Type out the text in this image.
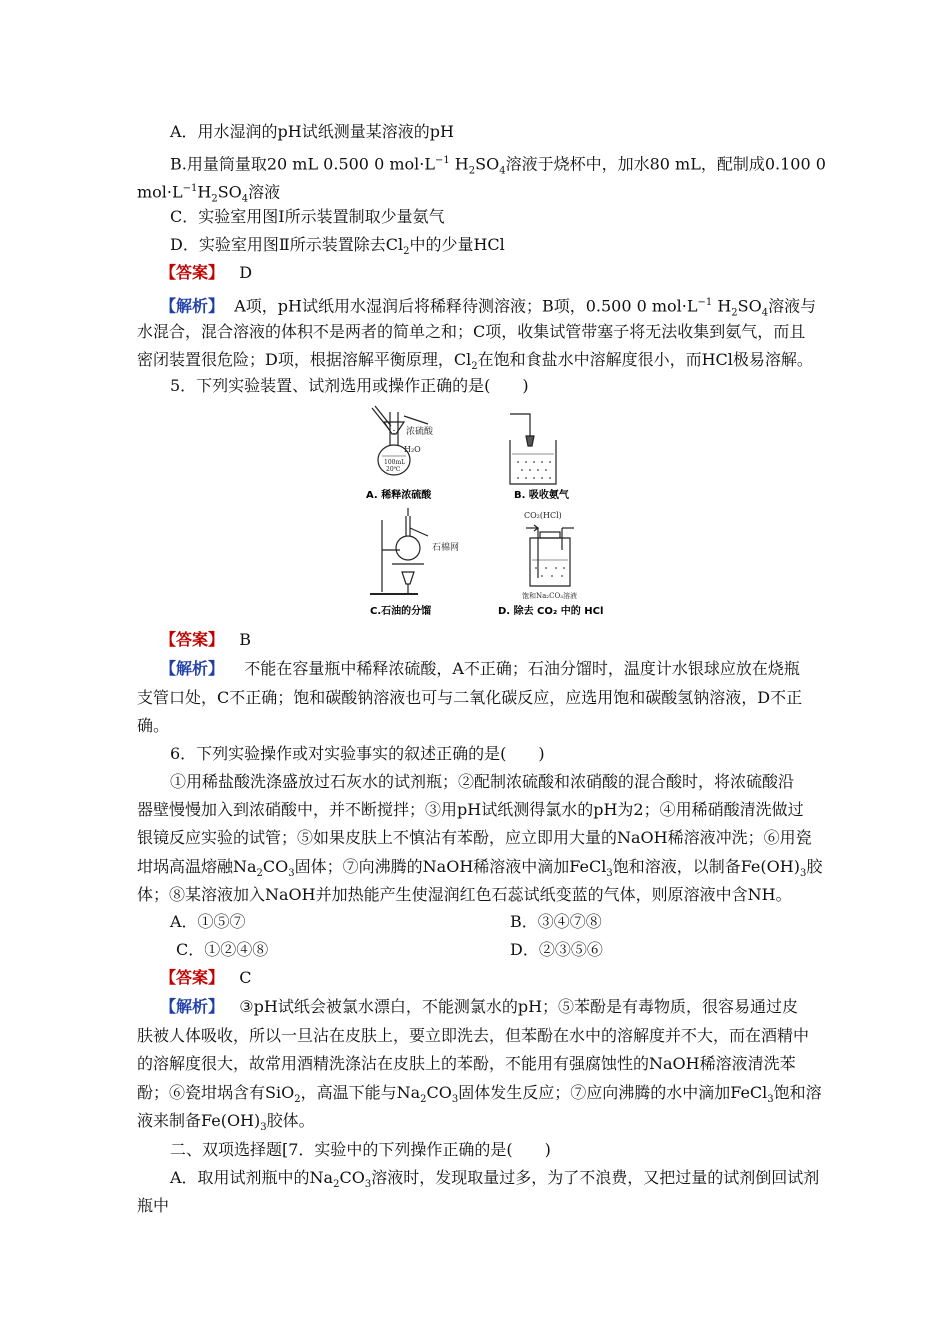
A．用水湿润的pH试纸测量某溶液的pH
B.用量筒量取20 mL 0.500 0 $mol\cdot L^{-1}$ $H_2SO_4$溶液于烧杯中，加水80 mL，配制成0.100 0
$mol\cdot L^{-1}H_2SO_4$溶液
C．实验室用图Ⅰ所示装置制取少量氨气
D．实验室用图Ⅱ所示装置除去$Cl_2$中的少量HCl
【答案】 D
【解析】 A项，pH试纸用水湿润后将稀释待测溶液；B项，0.500 0 $mol\cdot L^{-1}$ $H_2SO_4$溶液与
水混合，混合溶液的体积不是两者的简单之和；C项，收集试管带塞子将无法收集到氨气，而且
密闭装置很危险；D项，根据溶解平衡原理，$Cl_2$在饱和食盐水中溶解度很小，而HCl极易溶解。
5．下列实验装置、试剂选用或操作正确的是(　　)
浓硫酸
H₂O
100mL
20℃
A. 稀释浓硫酸	B. 吸收氨气
石棉网
C.石油的分馏
CO₂(HCl)
饱和Na₂CO₃溶液
D. 除去 CO₂ 中的 HCl
【答案】 B
【解析】 不能在容量瓶中稀释浓硫酸，A不正确；石油分馏时，温度计水银球应放在烧瓶
支管口处，C不正确；饱和碳酸钠溶液也可与二氧化碳反应，应选用饱和碳酸氢钠溶液，D不正
确。
6．下列实验操作或对实验事实的叙述正确的是(　　)
①用稀盐酸洗涤盛放过石灰水的试剂瓶；②配制浓硫酸和浓硝酸的混合酸时，将浓硫酸沿
器壁慢慢加入到浓硝酸中，并不断搅拌；③用pH试纸测得氯水的pH为2；④用稀硝酸清洗做过
银镜反应实验的试管；⑤如果皮肤上不慎沾有苯酚，应立即用大量的NaOH稀溶液冲洗；⑥用瓷
坩埚高温熔融$Na_2CO_3$固体；⑦向沸腾的NaOH稀溶液中滴加FeCl$_3$饱和溶液，以制备$Fe(OH)_3$胶
体；⑧某溶液加入NaOH并加热能产生使湿润红色石蕊试纸变蓝的气体，则原溶液中含NH。
A．①⑤⑦	B．③④⑦⑧
C．①②④⑧	D．②③⑤⑥
【答案】 C
【解析】 ③pH试纸会被氯水漂白，不能测氯水的pH；⑤苯酚是有毒物质，很容易通过皮
肤被人体吸收，所以一旦沾在皮肤上，要立即洗去，但苯酚在水中的溶解度并不大，而在酒精中
的溶解度很大，故常用酒精洗涤沾在皮肤上的苯酚，不能用有强腐蚀性的NaOH稀溶液清洗苯
酚；⑥瓷坩埚含有SiO$_2$，高温下能与$Na_2CO_3$固体发生反应；⑦应向沸腾的水中滴加FeCl$_3$饱和溶
液来制备$Fe(OH)_3$胶体。
二、双项选择题[7．实验中的下列操作正确的是(　　)
A．取用试剂瓶中的$Na_2CO_3$溶液时，发现取量过多，为了不浪费，又把过量的试剂倒回试剂
瓶中
